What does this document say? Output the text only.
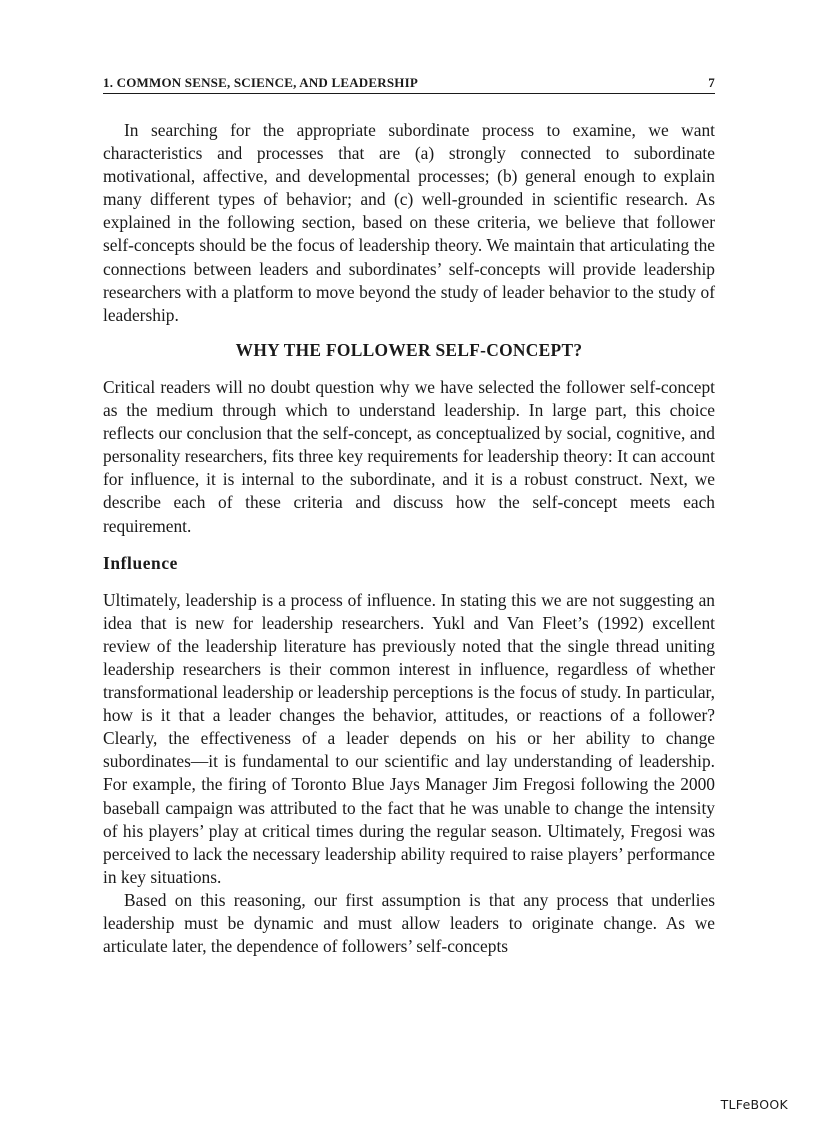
1. COMMON SENSE, SCIENCE, AND LEADERSHIP	7

In searching for the appropriate subordinate process to examine, we want characteristics and processes that are (a) strongly connected to subordinate motivational, affective, and developmental processes; (b) general enough to explain many different types of behavior; and (c) well-grounded in scientific research. As explained in the following section, based on these criteria, we believe that follower self-concepts should be the focus of leadership theory. We maintain that articulating the connections between leaders and subordinates’ self-concepts will provide leadership researchers with a platform to move beyond the study of leader behavior to the study of leadership.

WHY THE FOLLOWER SELF-CONCEPT?

Critical readers will no doubt question why we have selected the follower self-concept as the medium through which to understand leadership. In large part, this choice reflects our conclusion that the self-concept, as conceptualized by social, cognitive, and personality researchers, fits three key requirements for leadership theory: It can account for influence, it is internal to the subordinate, and it is a robust construct. Next, we describe each of these criteria and discuss how the self-concept meets each requirement.

Influence

Ultimately, leadership is a process of influence. In stating this we are not suggesting an idea that is new for leadership researchers. Yukl and Van Fleet’s (1992) excellent review of the leadership literature has previously noted that the single thread uniting leadership researchers is their common interest in influence, regardless of whether transformational leadership or leadership perceptions is the focus of study. In particular, how is it that a leader changes the behavior, attitudes, or reactions of a follower? Clearly, the effectiveness of a leader depends on his or her ability to change subordinates—it is fundamental to our scientific and lay understanding of leadership. For example, the firing of Toronto Blue Jays Manager Jim Fregosi following the 2000 baseball campaign was attributed to the fact that he was unable to change the intensity of his players’ play at critical times during the regular season. Ultimately, Fregosi was perceived to lack the necessary leadership ability required to raise players’ performance in key situations.

Based on this reasoning, our first assumption is that any process that underlies leadership must be dynamic and must allow leaders to originate change. As we articulate later, the dependence of followers’ self-concepts

TLFeBOOK
